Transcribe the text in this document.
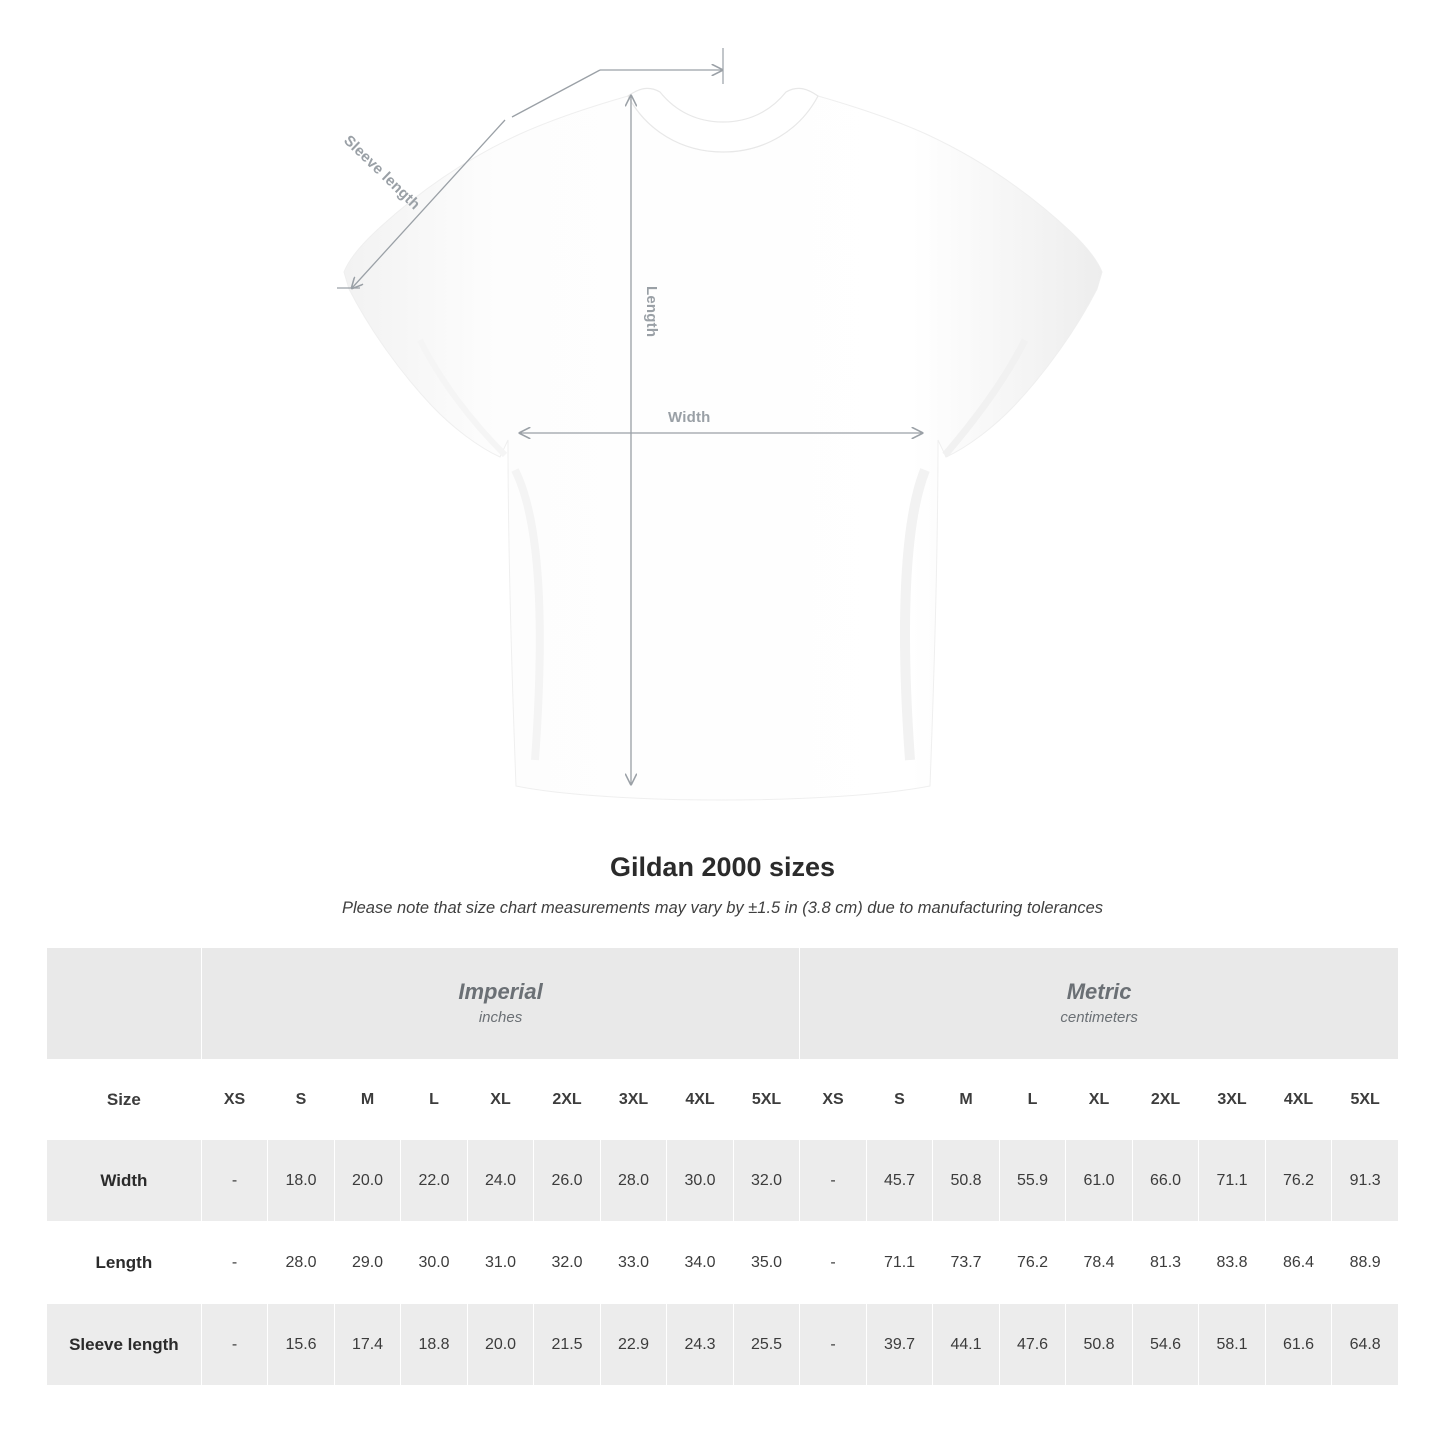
Sleeve length
Length
Width
Gildan 2000 sizes
Please note that size chart measurements may vary by ±1.5 in (3.8 cm) due to manufacturing tolerances

Imperial
inches

Metric
centimeters

Size	XS	S	M	L	XL	2XL	3XL	4XL	5XL	XS	S	M	L	XL	2XL	3XL	4XL	5XL
Width	-	18.0	20.0	22.0	24.0	26.0	28.0	30.0	32.0	-	45.7	50.8	55.9	61.0	66.0	71.1	76.2	91.3
Length	-	28.0	29.0	30.0	31.0	32.0	33.0	34.0	35.0	-	71.1	73.7	76.2	78.4	81.3	83.8	86.4	88.9
Sleeve length	-	15.6	17.4	18.8	20.0	21.5	22.9	24.3	25.5	-	39.7	44.1	47.6	50.8	54.6	58.1	61.6	64.8
